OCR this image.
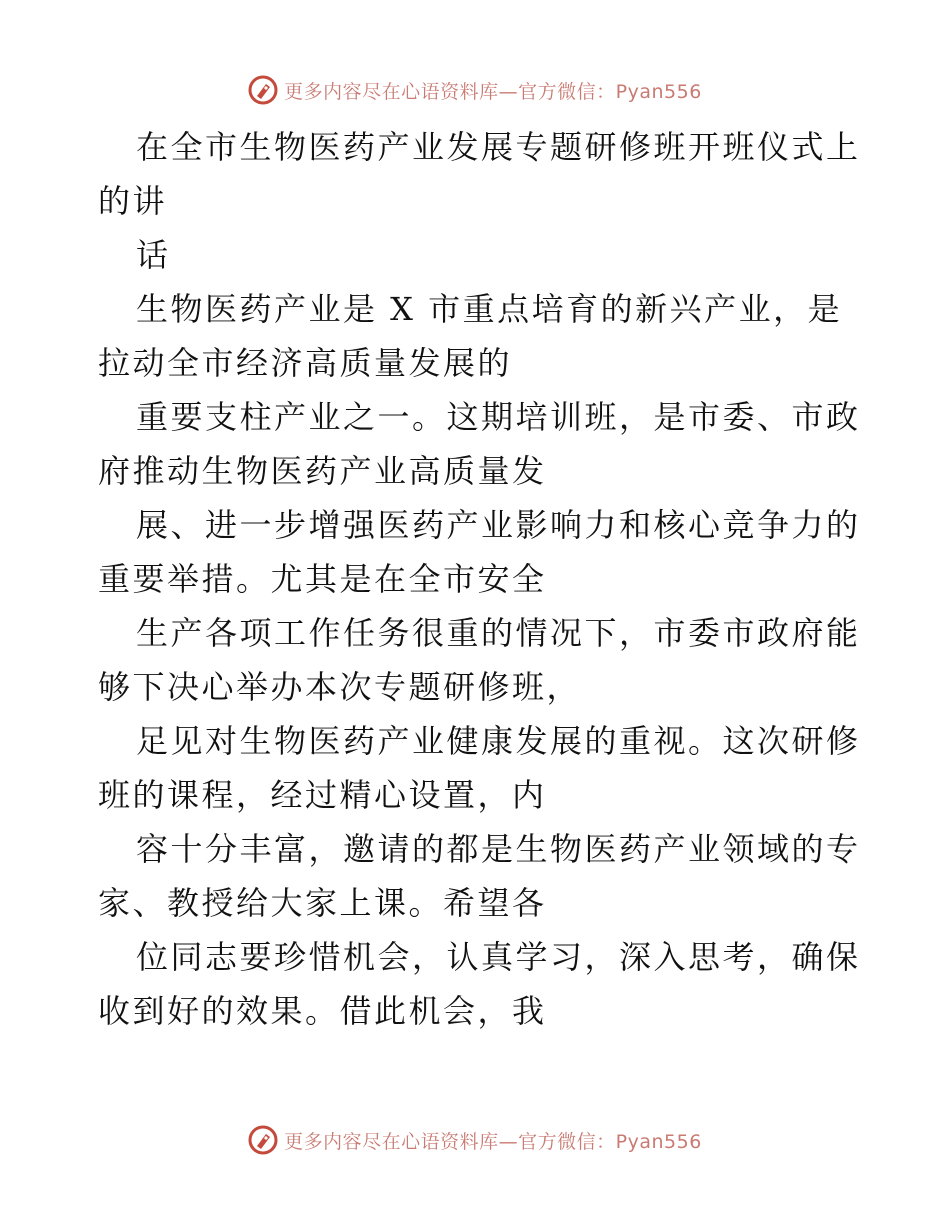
更多内容尽在心语资料库—官方微信：Pyan556
在全市生物医药产业发展专题研修班开班仪式上
的讲
话
生物医药产业是 X 市重点培育的新兴产业，是
拉动全市经济高质量发展的
重要支柱产业之一。这期培训班，是市委、市政
府推动生物医药产业高质量发
展、进一步增强医药产业影响力和核心竞争力的
重要举措。尤其是在全市安全
生产各项工作任务很重的情况下，市委市政府能
够下决心举办本次专题研修班，
足见对生物医药产业健康发展的重视。这次研修
班的课程，经过精心设置，内
容十分丰富，邀请的都是生物医药产业领域的专
家、教授给大家上课。希望各
位同志要珍惜机会，认真学习，深入思考，确保
收到好的效果。借此机会，我
更多内容尽在心语资料库—官方微信：Pyan556
